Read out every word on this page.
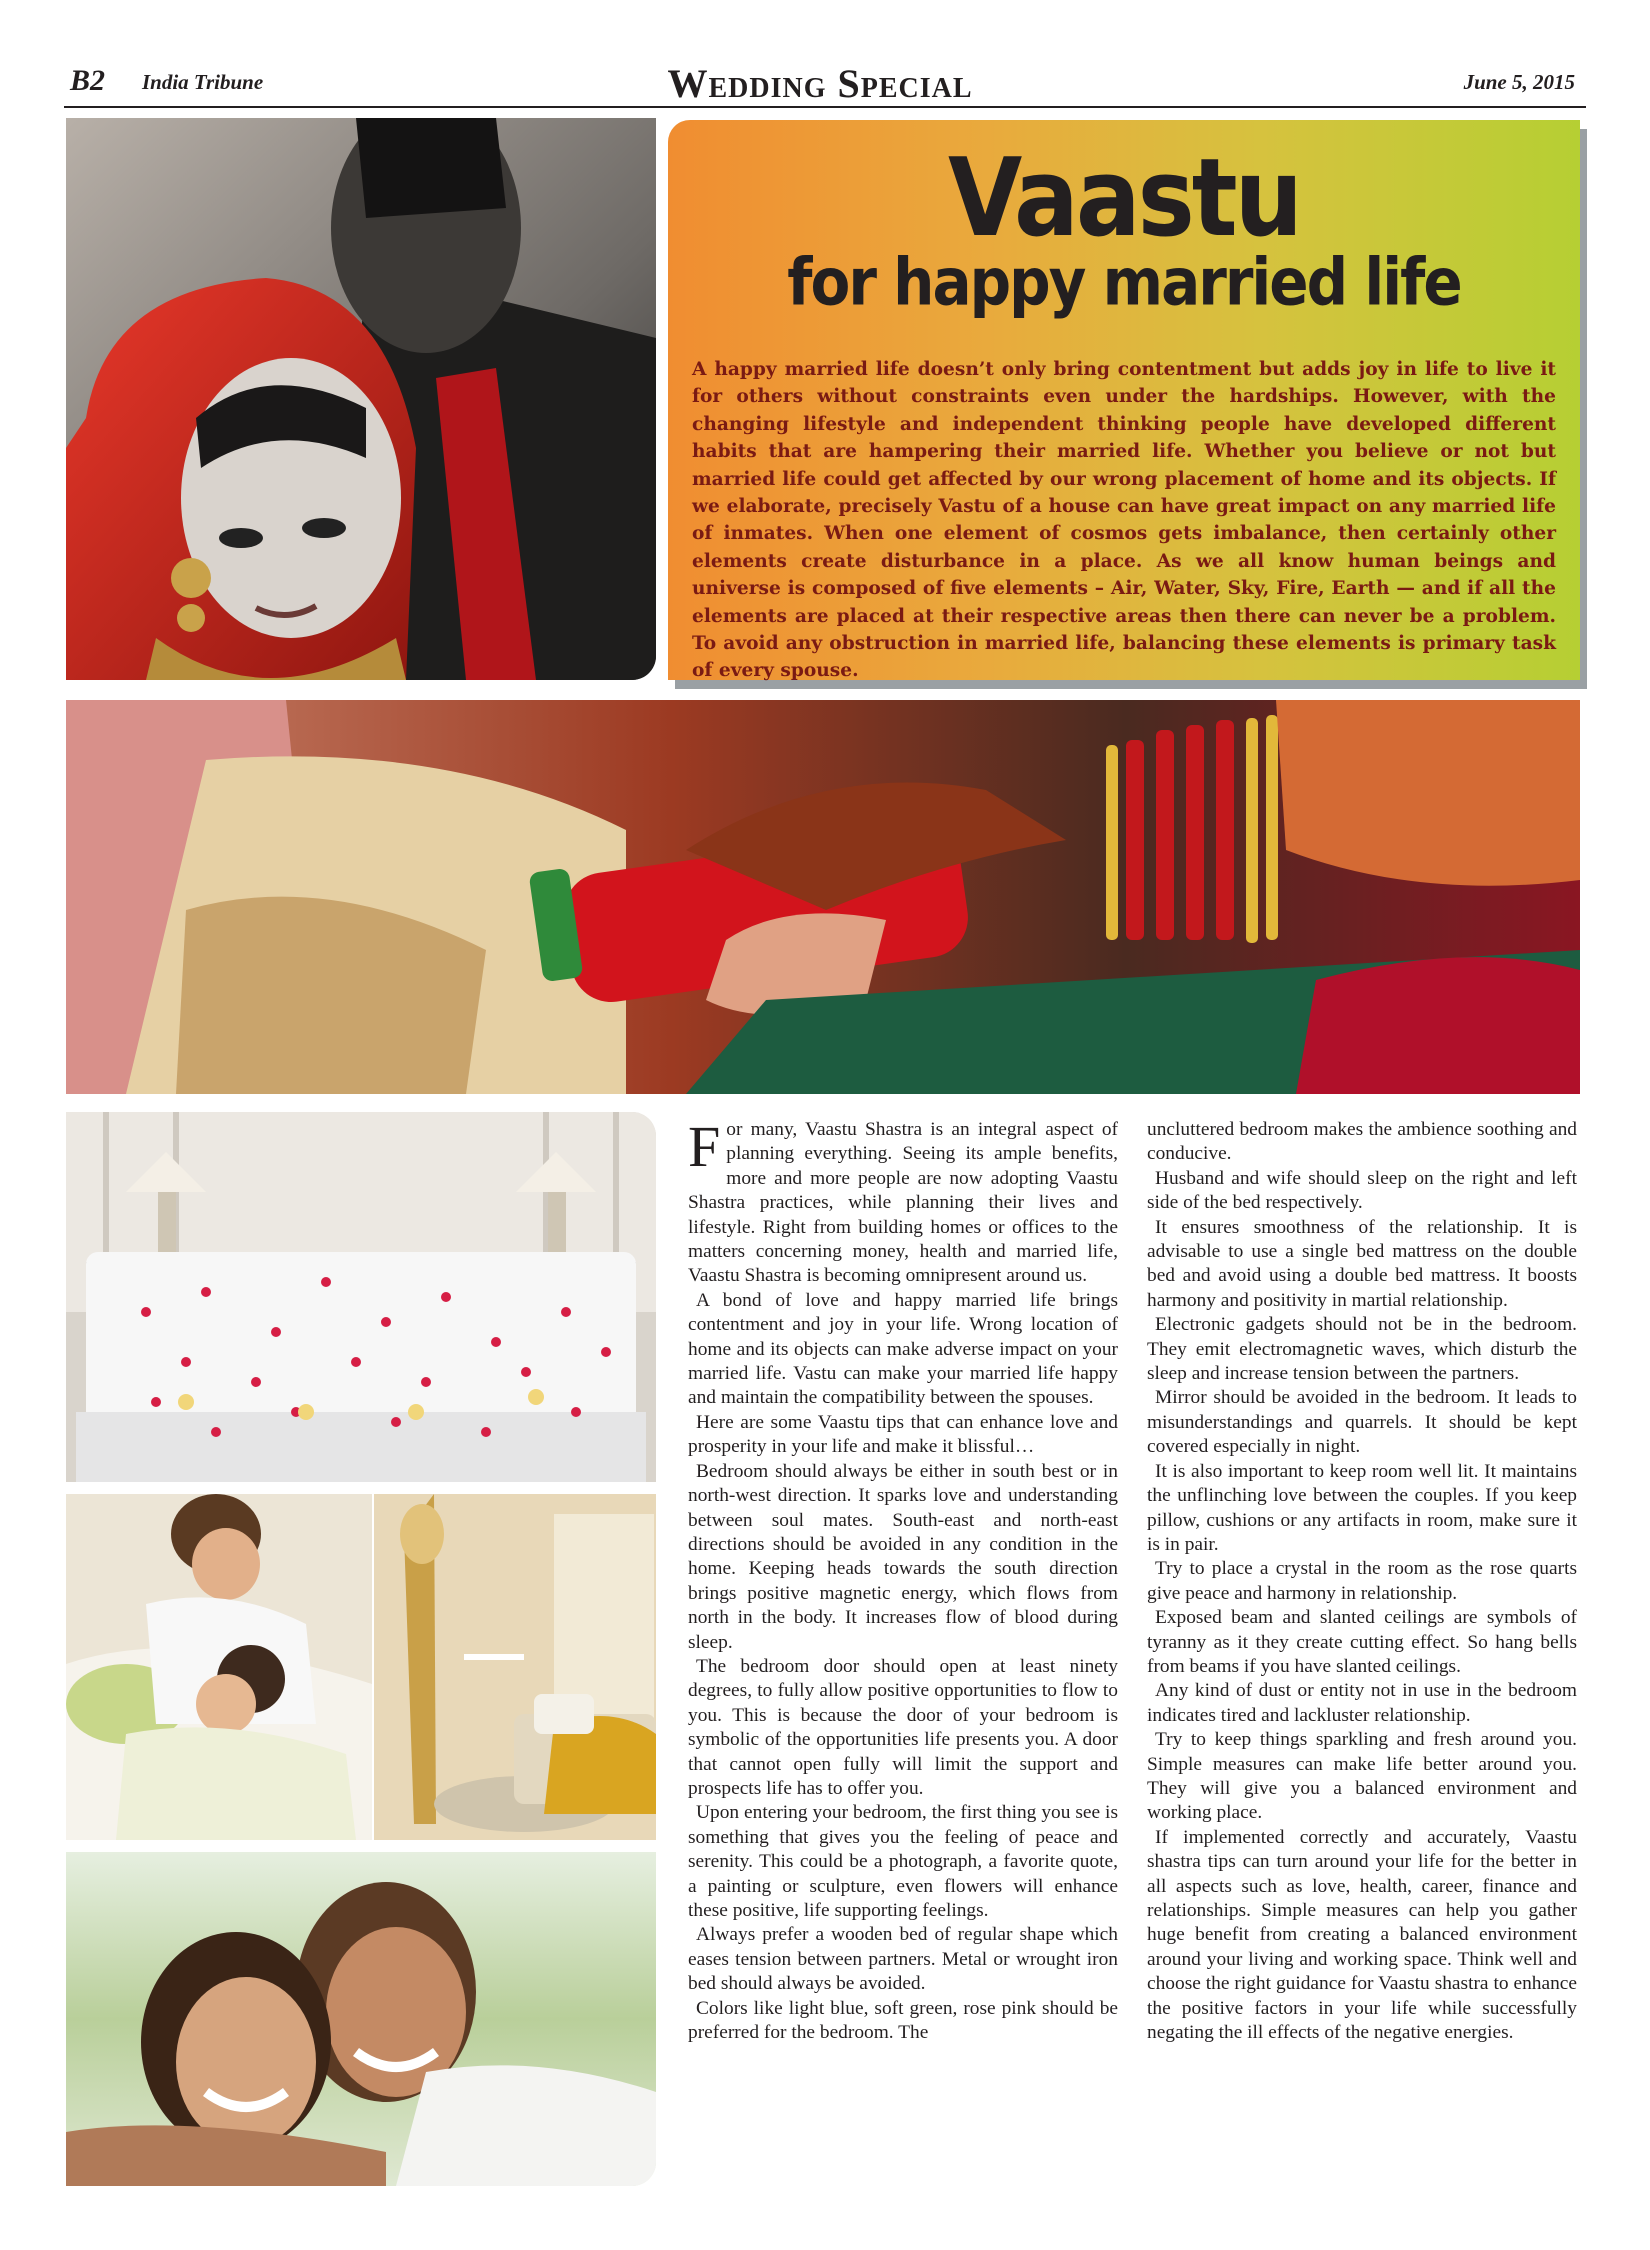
B2 India Tribune	Wedding Special	June 5, 2015
Vaastu
for happy married life
A happy married life doesn’t only bring contentment but adds joy in life to live it for others without constraints even under the hardships. However, with the changing lifestyle and independent thinking people have developed different habits that are hampering their married life. Whether you believe or not but married life could get affected by our wrong placement of home and its objects. If we elaborate, precisely Vastu of a house can have great impact on any married life of inmates. When one element of cosmos gets imbalance, then certainly other elements create disturbance in a place. As we all know human beings and universe is composed of five elements – Air, Water, Sky, Fire, Earth — and if all the elements are placed at their respective areas then there can never be a problem. To avoid any obstruction in married life, balancing these elements is primary task of every spouse.

For many, Vaastu Shastra is an integral aspect of planning everything. Seeing its ample benefits, more and more people are now adopting Vaastu Shastra practices, while planning their lives and lifestyle. Right from building homes or offices to the matters concerning money, health and married life, Vaastu Shastra is becoming omnipresent around us.

A bond of love and happy married life brings contentment and joy in your life. Wrong location of home and its objects can make adverse impact on your married life. Vastu can make your married life happy and maintain the compatibility between the spouses.

Here are some Vaastu tips that can enhance love and prosperity in your life and make it blissful…

Bedroom should always be either in south best or in north-west direction. It sparks love and understanding between soul mates. South-east and north-east directions should be avoided in any condition in the home. Keeping heads towards the south direction brings positive magnetic energy, which flows from north in the body. It increases flow of blood during sleep.

The bedroom door should open at least ninety degrees, to fully allow positive opportunities to flow to you. This is because the door of your bedroom is symbolic of the opportunities life presents you. A door that cannot open fully will limit the support and prospects life has to offer you.

Upon entering your bedroom, the first thing you see is something that gives you the feeling of peace and serenity. This could be a photograph, a favorite quote, a painting or sculpture, even flowers will enhance these positive, life supporting feelings.

Always prefer a wooden bed of regular shape which eases tension between partners. Metal or wrought iron bed should always be avoided.

Colors like light blue, soft green, rose pink should be preferred for the bedroom. The

uncluttered bedroom makes the ambience soothing and conducive.

Husband and wife should sleep on the right and left side of the bed respectively.

It ensures smoothness of the relationship. It is advisable to use a single bed mattress on the double bed and avoid using a double bed mattress. It boosts harmony and positivity in martial relationship.

Electronic gadgets should not be in the bedroom. They emit electromagnetic waves, which disturb the sleep and increase tension between the partners.

Mirror should be avoided in the bedroom. It leads to misunderstandings and quarrels. It should be kept covered especially in night.

It is also important to keep room well lit. It maintains the unflinching love between the couples. If you keep pillow, cushions or any artifacts in room, make sure it is in pair.

Try to place a crystal in the room as the rose quarts give peace and harmony in relationship.

Exposed beam and slanted ceilings are symbols of tyranny as it they create cutting effect. So hang bells from beams if you have slanted ceilings.

Any kind of dust or entity not in use in the bedroom indicates tired and lackluster relationship.

Try to keep things sparkling and fresh around you. Simple measures can make life better around you. They will give you a balanced environment and working place.

If implemented correctly and accurately, Vaastu shastra tips can turn around your life for the better in all aspects such as love, health, career, finance and relationships. Simple measures can help you gather huge benefit from creating a balanced environment around your living and working space. Think well and choose the right guidance for Vaastu shastra to enhance the positive factors in your life while successfully negating the ill effects of the negative energies.
